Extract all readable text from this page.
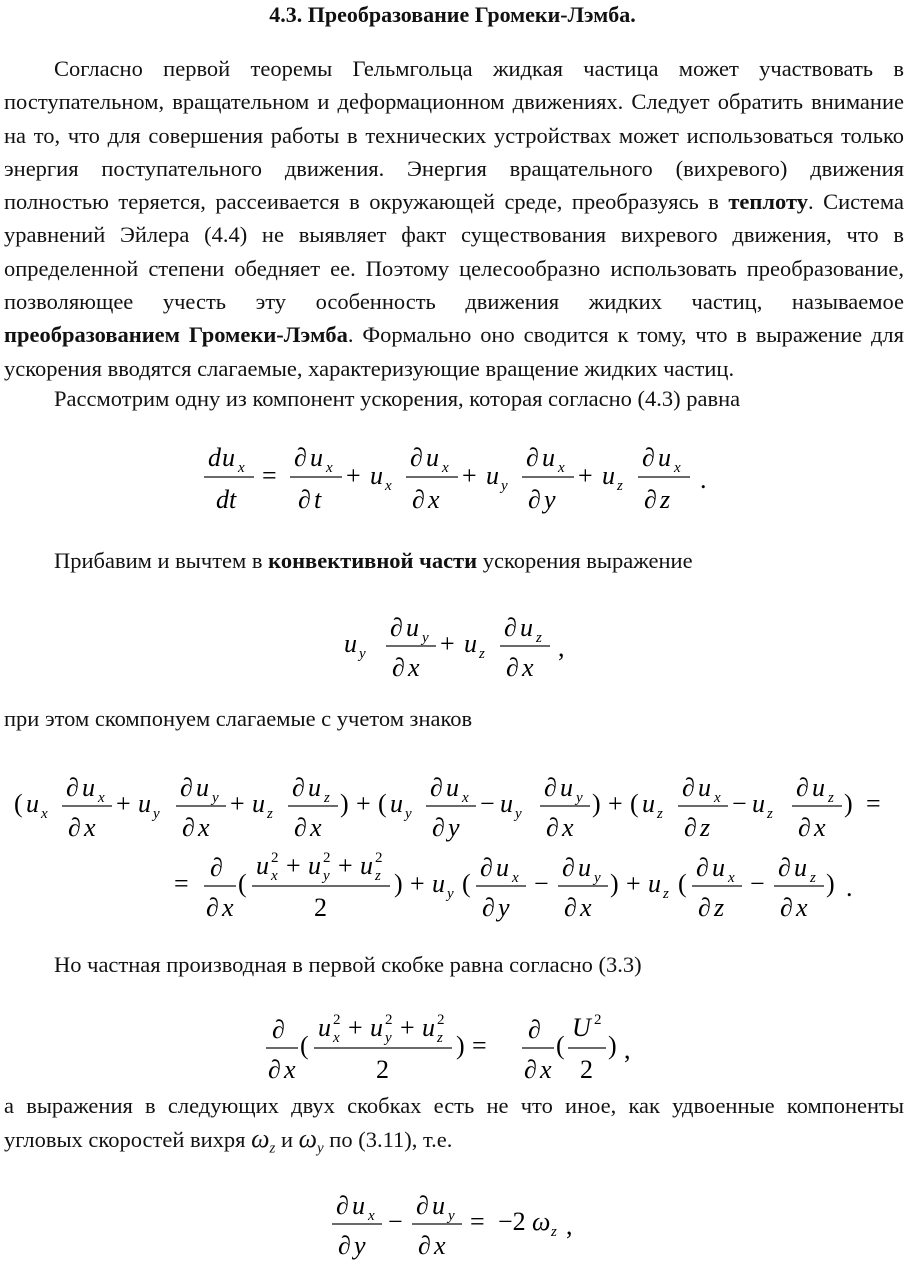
4.3. Преобразование Громеки-Лэмба.
Согласно первой теоремы Гельмгольца жидкая частица может участвовать в поступательном, вращательном и деформационном движениях. Следует обратить внимание на то, что для совершения работы в технических устройствах может использоваться только энергия поступательного движения. Энергия вращательного (вихревого) движения полностью теряется, рассеивается в окружающей среде, преобразуясь в теплоту. Система уравнений Эйлера (4.4) не выявляет факт существования вихревого движения, что в определенной степени обедняет ее. Поэтому целесообразно использовать преобразование, позволяющее учесть эту особенность движения жидких частиц, называемое преобразованием Громеки-Лэмба. Формально оно сводится к тому, что в выражение для ускорения вводятся слагаемые, характеризующие вращение жидких частиц.
Рассмотрим одну из компонент ускорения, которая согласно (4.3) равна
d u x
dt
=
∂ u x
∂ t
+ u x
∂ u x
∂ x
+ u y
∂ u x
∂ y
+ u z
∂ u x
∂ z
.
Прибавим и вычтем в конвективной части ускорения выражение
u y
∂ u y
∂ x
+ u z
∂ u z
∂ x
,
при этом скомпонуем слагаемые с учетом знаков
( u x
∂ u x
∂ x
+ u y
∂ u y
∂ x
+ u z
∂ u z
∂ x
) + ( u y
∂ u x
∂ y
− u y
∂ u y
∂ x
) + ( u z
∂ u x
∂ z
− u z
∂ u z
∂ x
) =
=
∂
∂ x
(
u 2
x + u 2
y + u 2
z
2
) + u y (
∂ u x
∂ y
−
∂ u y
∂ x
) + u z (
∂ u x
∂ z
−
∂ u z
∂ x
) .
Но частная производная в первой скобке равна согласно (3.3)
∂
∂ x
(
u 2
x + u 2
y + u 2
z
2
) =
∂
∂ x
(
U 2
2
) ,
а выражения в следующих двух скобках есть не что иное, как удвоенные компоненты угловых скоростей вихря $\omega_z$ и $\omega_y$ по (3.11), т.е.
∂ u x
∂ y
−
∂ u y
∂ x
= −2 ω z ,
